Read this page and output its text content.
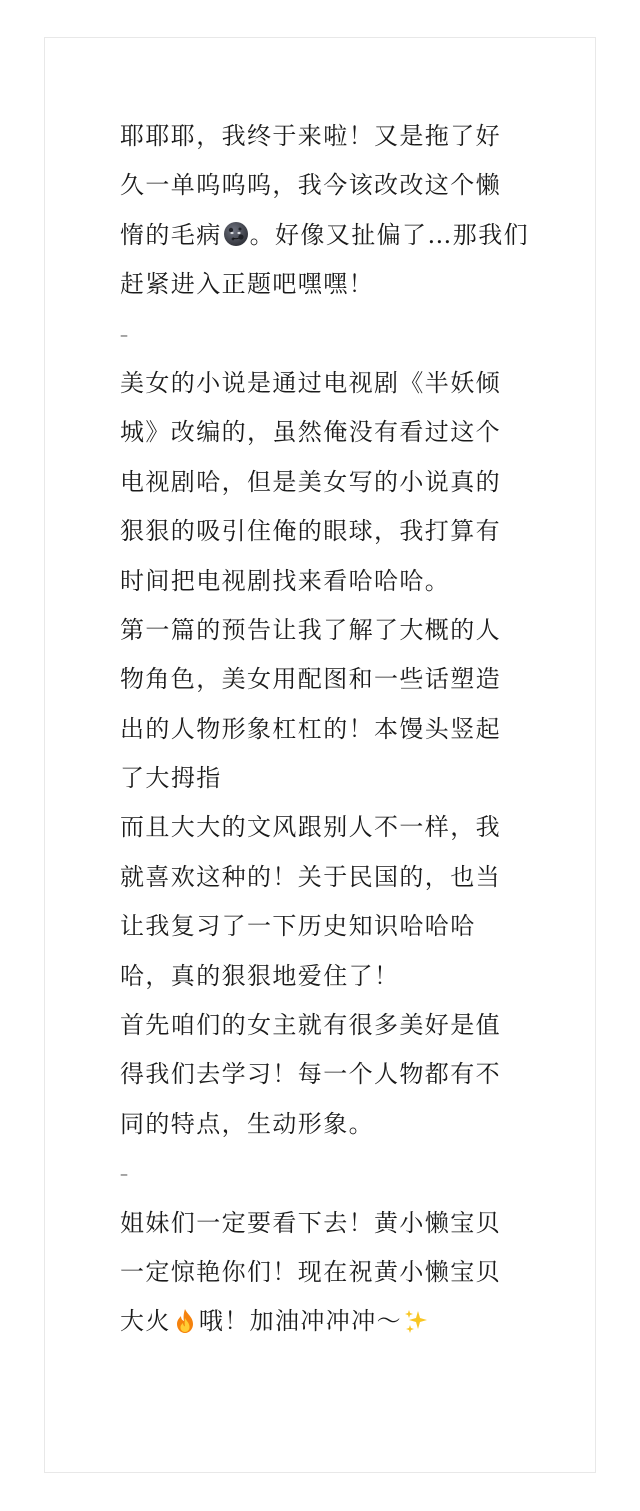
耶耶耶，我终于来啦！又是拖了好
久一单呜呜呜，我今该改改这个懒
惰的毛病 。好像又扯偏了…那我们
赶紧进入正题吧嘿嘿！
–
美女的小说是通过电视剧《半妖倾
城》改编的，虽然俺没有看过这个
电视剧哈，但是美女写的小说真的
狠狠的吸引住俺的眼球，我打算有
时间把电视剧找来看哈哈哈。
第一篇的预告让我了解了大概的人
物角色，美女用配图和一些话塑造
出的人物形象杠杠的！本馒头竖起
了大拇指
而且大大的文风跟别人不一样，我
就喜欢这种的！关于民国的，也当
让我复习了一下历史知识哈哈哈
哈，真的狠狠地爱住了！
首先咱们的女主就有很多美好是值
得我们去学习！每一个人物都有不
同的特点，生动形象。
–
姐妹们一定要看下去！黄小懒宝贝
一定惊艳你们！现在祝黄小懒宝贝
大火 哦！加油冲冲冲～
